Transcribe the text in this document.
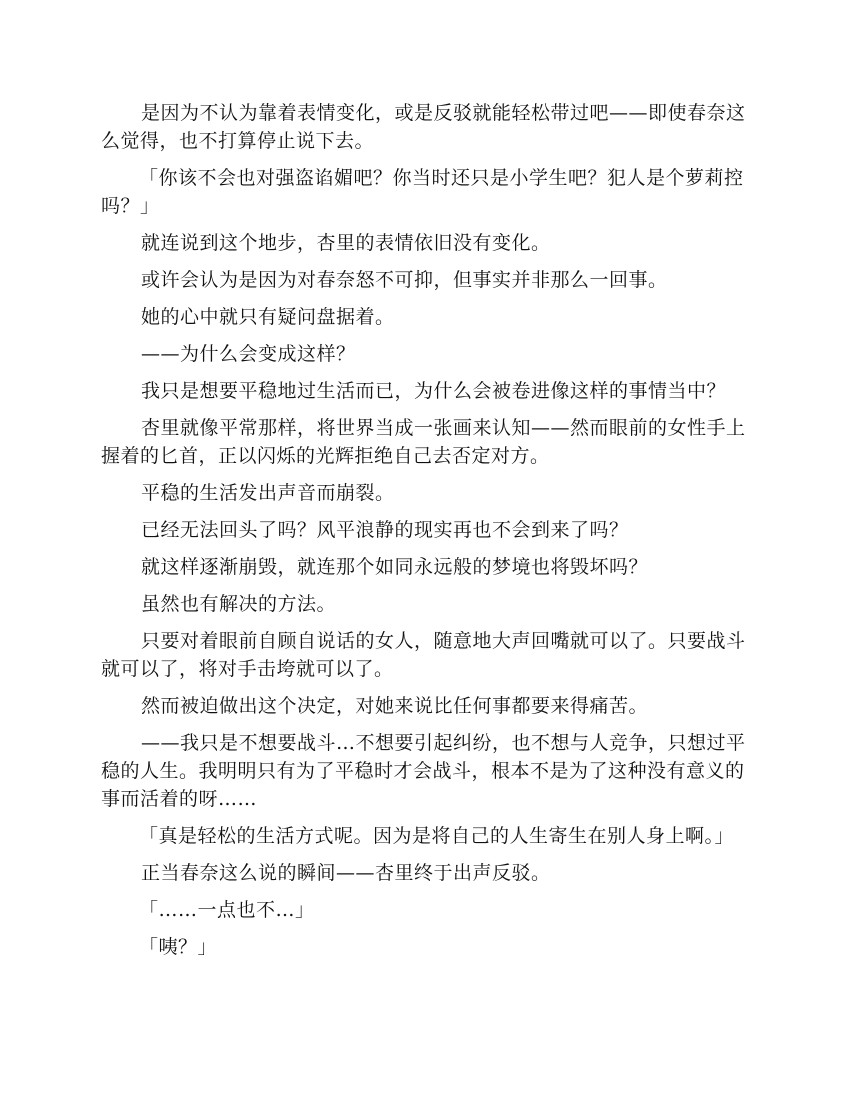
是因为不认为靠着表情变化，或是反驳就能轻松带过吧——即使春奈这么觉得，也不打算停止说下去。

「你该不会也对强盗谄媚吧？你当时还只是小学生吧？犯人是个萝莉控吗？」

就连说到这个地步，杏里的表情依旧没有变化。

或许会认为是因为对春奈怒不可抑，但事实并非那么一回事。

她的心中就只有疑问盘据着。

——为什么会变成这样？

我只是想要平稳地过生活而已，为什么会被卷进像这样的事情当中？

杏里就像平常那样，将世界当成一张画来认知——然而眼前的女性手上握着的匕首，正以闪烁的光辉拒绝自己去否定对方。

平稳的生活发出声音而崩裂。

已经无法回头了吗？风平浪静的现实再也不会到来了吗？

就这样逐渐崩毁，就连那个如同永远般的梦境也将毁坏吗？

虽然也有解决的方法。

只要对着眼前自顾自说话的女人，随意地大声回嘴就可以了。只要战斗就可以了，将对手击垮就可以了。

然而被迫做出这个决定，对她来说比任何事都要来得痛苦。

——我只是不想要战斗…不想要引起纠纷，也不想与人竞争，只想过平稳的人生。我明明只有为了平稳时才会战斗，根本不是为了这种没有意义的事而活着的呀……

「真是轻松的生活方式呢。因为是将自己的人生寄生在别人身上啊。」

正当春奈这么说的瞬间——杏里终于出声反驳。

「……一点也不…」

「咦？」
